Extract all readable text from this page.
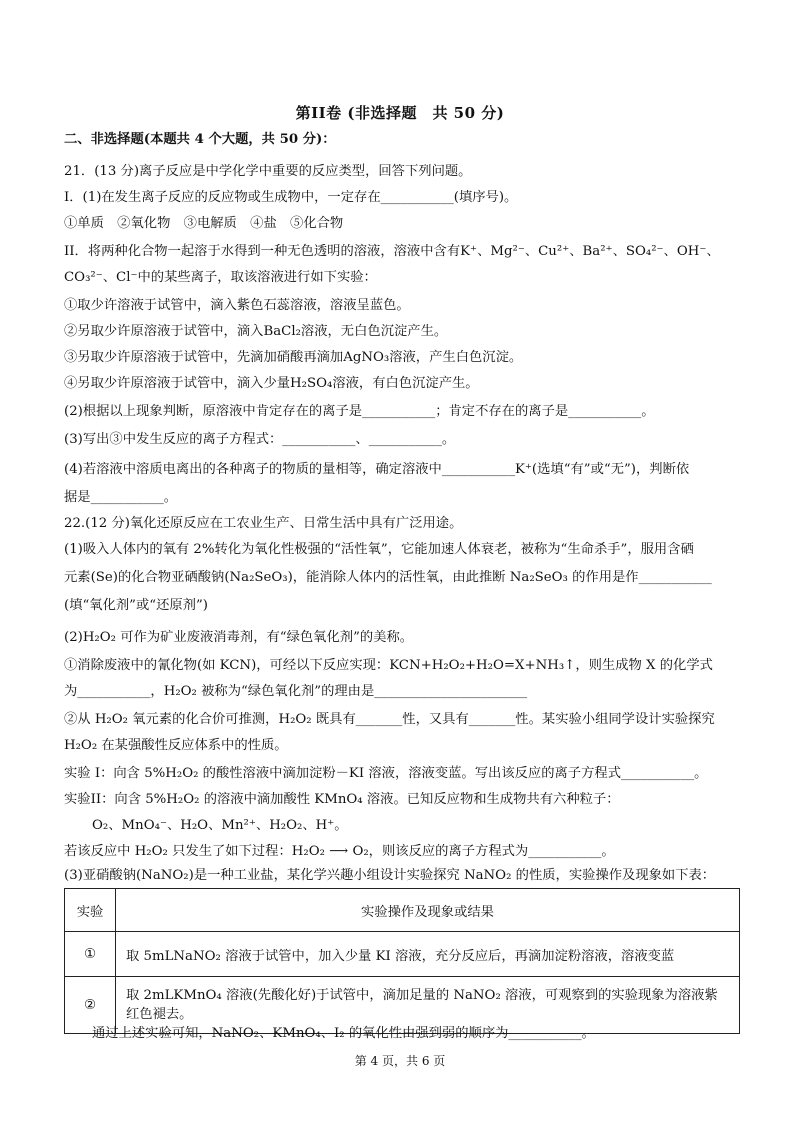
第II卷 (非选择题　共 50 分)
二、非选择题(本题共 4 个大题，共 50 分)：
21．(13 分)离子反应是中学化学中重要的反应类型，回答下列问题。
I．(1)在发生离子反应的反应物或生成物中，一定存在___________(填序号)。
①单质　②氧化物　③电解质　④盐　⑤化合物
II．将两种化合物一起溶于水得到一种无色透明的溶液，溶液中含有K⁺、Mg²⁻、Cu²⁺、Ba²⁺、SO₄²⁻、OH⁻、
CO₃²⁻、Cl⁻中的某些离子，取该溶液进行如下实验：
①取少许溶液于试管中，滴入紫色石蕊溶液，溶液呈蓝色。
②另取少许原溶液于试管中，滴入BaCl₂溶液，无白色沉淀产生。
③另取少许原溶液于试管中，先滴加硝酸再滴加AgNO₃溶液，产生白色沉淀。
④另取少许原溶液于试管中，滴入少量H₂SO₄溶液，有白色沉淀产生。
(2)根据以上现象判断，原溶液中肯定存在的离子是___________；肯定不存在的离子是___________。
(3)写出③中发生反应的离子方程式：___________、___________。
(4)若溶液中溶质电离出的各种离子的物质的量相等，确定溶液中___________K⁺(选填“有”或“无”)，判断依
据是___________。
22.(12 分)氧化还原反应在工农业生产、日常生活中具有广泛用途。
(1)吸入人体内的氧有 2%转化为氧化性极强的“活性氧”，它能加速人体衰老，被称为“生命杀手”，服用含硒
元素(Se)的化合物亚硒酸钠(Na₂SeO₃)，能消除人体内的活性氧，由此推断 Na₂SeO₃ 的作用是作___________
(填“氧化剂”或“还原剂”)
(2)H₂O₂ 可作为矿业废液消毒剂，有“绿色氧化剂”的美称。
①消除废液中的氰化物(如 KCN)，可经以下反应实现：KCN+H₂O₂+H₂O=X+NH₃↑，则生成物 X 的化学式
为___________，H₂O₂ 被称为“绿色氧化剂”的理由是_______________________
②从 H₂O₂ 氧元素的化合价可推测，H₂O₂ 既具有_______性，又具有_______性。某实验小组同学设计实验探究
H₂O₂ 在某强酸性反应体系中的性质。
实验 I：向含 5%H₂O₂ 的酸性溶液中滴加淀粉－KI 溶液，溶液变蓝。写出该反应的离子方程式___________。
实验II：向含 5%H₂O₂ 的溶液中滴加酸性 KMnO₄ 溶液。已知反应物和生成物共有六种粒子：
O₂、MnO₄⁻、H₂O、Mn²⁺、H₂O₂、H⁺。
若该反应中 H₂O₂ 只发生了如下过程：H₂O₂ ⟶ O₂，则该反应的离子方程式为___________。
(3)亚硝酸钠(NaNO₂)是一种工业盐，某化学兴趣小组设计实验探究 NaNO₂ 的性质，实验操作及现象如下表：
实验	实验操作及现象或结果
①	取 5mLNaNO₂ 溶液于试管中，加入少量 KI 溶液，充分反应后，再滴加淀粉溶液，溶液变蓝
②	取 2mLKMnO₄ 溶液(先酸化好)于试管中，滴加足量的 NaNO₂ 溶液，可观察到的实验现象为溶液紫红色褪去。
通过上述实验可知，NaNO₂、KMnO₄、I₂ 的氧化性由强到弱的顺序为___________。
第 4 页，共 6 页
